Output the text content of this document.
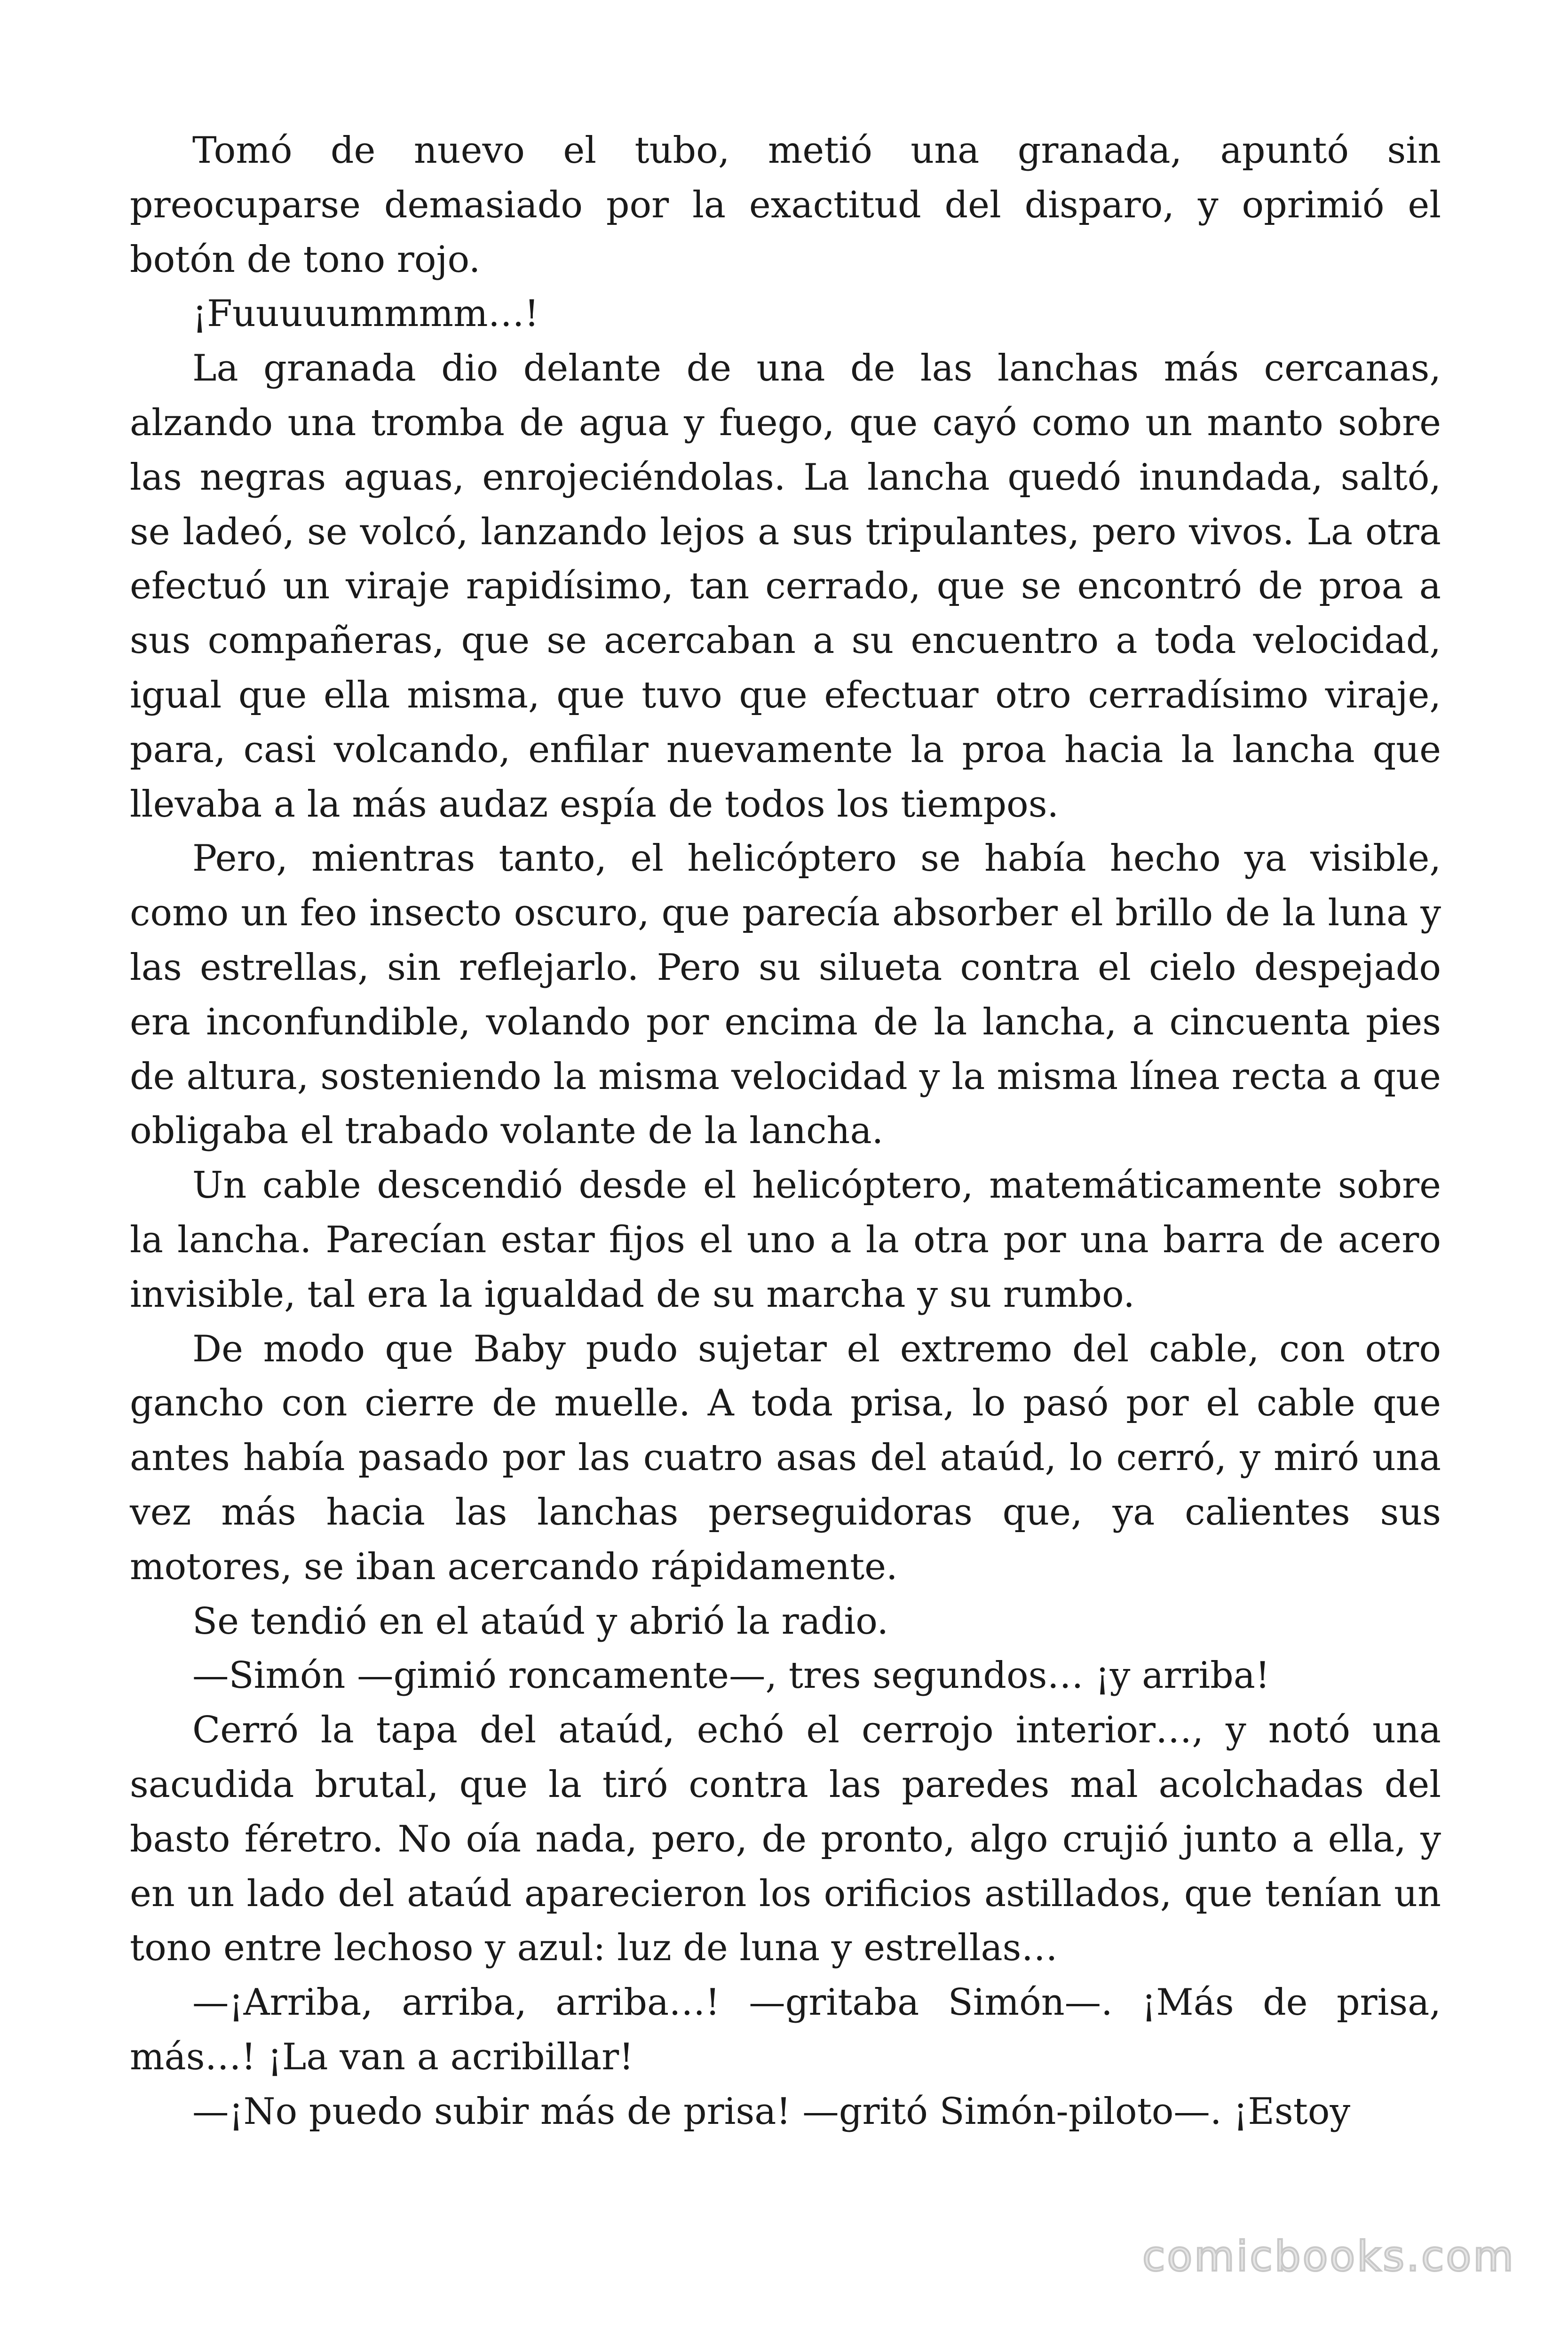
Tomó de nuevo el tubo, metió una granada, apuntó sin preocuparse demasiado por la exactitud del disparo, y oprimió el botón de tono rojo.

¡Fuuuuummmm…!

La granada dio delante de una de las lanchas más cercanas, alzando una tromba de agua y fuego, que cayó como un manto sobre las negras aguas, enrojeciéndolas. La lancha quedó inundada, saltó, se ladeó, se volcó, lanzando lejos a sus tripulantes, pero vivos. La otra efectuó un viraje rapidísimo, tan cerrado, que se encontró de proa a sus compañeras, que se acercaban a su encuentro a toda velocidad, igual que ella misma, que tuvo que efectuar otro cerradísimo viraje, para, casi volcando, enfilar nuevamente la proa hacia la lancha que llevaba a la más audaz espía de todos los tiempos.

Pero, mientras tanto, el helicóptero se había hecho ya visible, como un feo insecto oscuro, que parecía absorber el brillo de la luna y las estrellas, sin reflejarlo. Pero su silueta contra el cielo despejado era inconfundible, volando por encima de la lancha, a cincuenta pies de altura, sosteniendo la misma velocidad y la misma línea recta a que obligaba el trabado volante de la lancha.

Un cable descendió desde el helicóptero, matemáticamente sobre la lancha. Parecían estar fijos el uno a la otra por una barra de acero invisible, tal era la igualdad de su marcha y su rumbo.

De modo que Baby pudo sujetar el extremo del cable, con otro gancho con cierre de muelle. A toda prisa, lo pasó por el cable que antes había pasado por las cuatro asas del ataúd, lo cerró, y miró una vez más hacia las lanchas perseguidoras que, ya calientes sus motores, se iban acercando rápidamente.

Se tendió en el ataúd y abrió la radio.

—Simón —gimió roncamente—, tres segundos… ¡y arriba!

Cerró la tapa del ataúd, echó el cerrojo interior…, y notó una sacudida brutal, que la tiró contra las paredes mal acolchadas del basto féretro. No oía nada, pero, de pronto, algo crujió junto a ella, y en un lado del ataúd aparecieron los orificios astillados, que tenían un tono entre lechoso y azul: luz de luna y estrellas…

—¡Arriba, arriba, arriba…! —gritaba Simón—. ¡Más de prisa, más…! ¡La van a acribillar!

—¡No puedo subir más de prisa! —gritó Simón-piloto—. ¡Estoy

comicbooks.com
